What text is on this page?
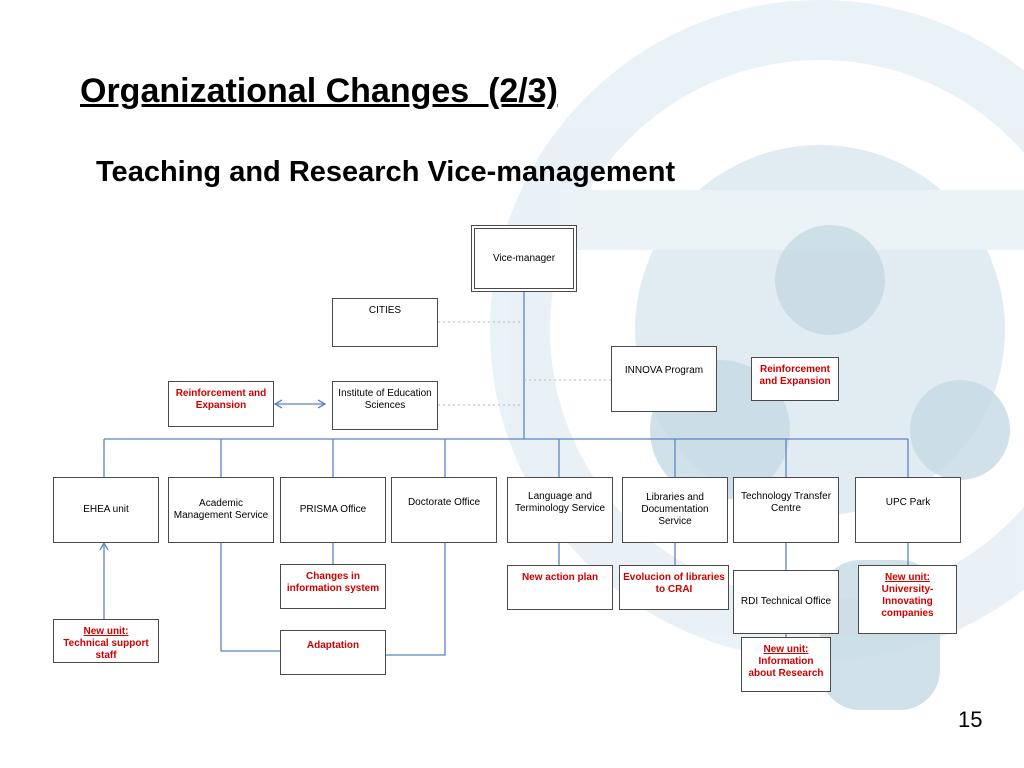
Organizational Changes  (2/3)
Teaching and Research Vice-management
15
Vice-manager
CITIES
INNOVA Program	Reinforcement and Expansion
Institute of Education Sciences
Reinforcement and Expansion
EHEA unit
Academic Management Service
PRISMA Office
Doctorate Office
Language and Terminology Service
Libraries and Documentation Service
Technology Transfer Centre
UPC Park
Changes in information system
Adaptation
New action plan	Evolucion of libraries to CRAI
RDI Technical Office
New unit:
Technical support staff
New unit:
Information about Research
New unit:
University-Innovating companies
